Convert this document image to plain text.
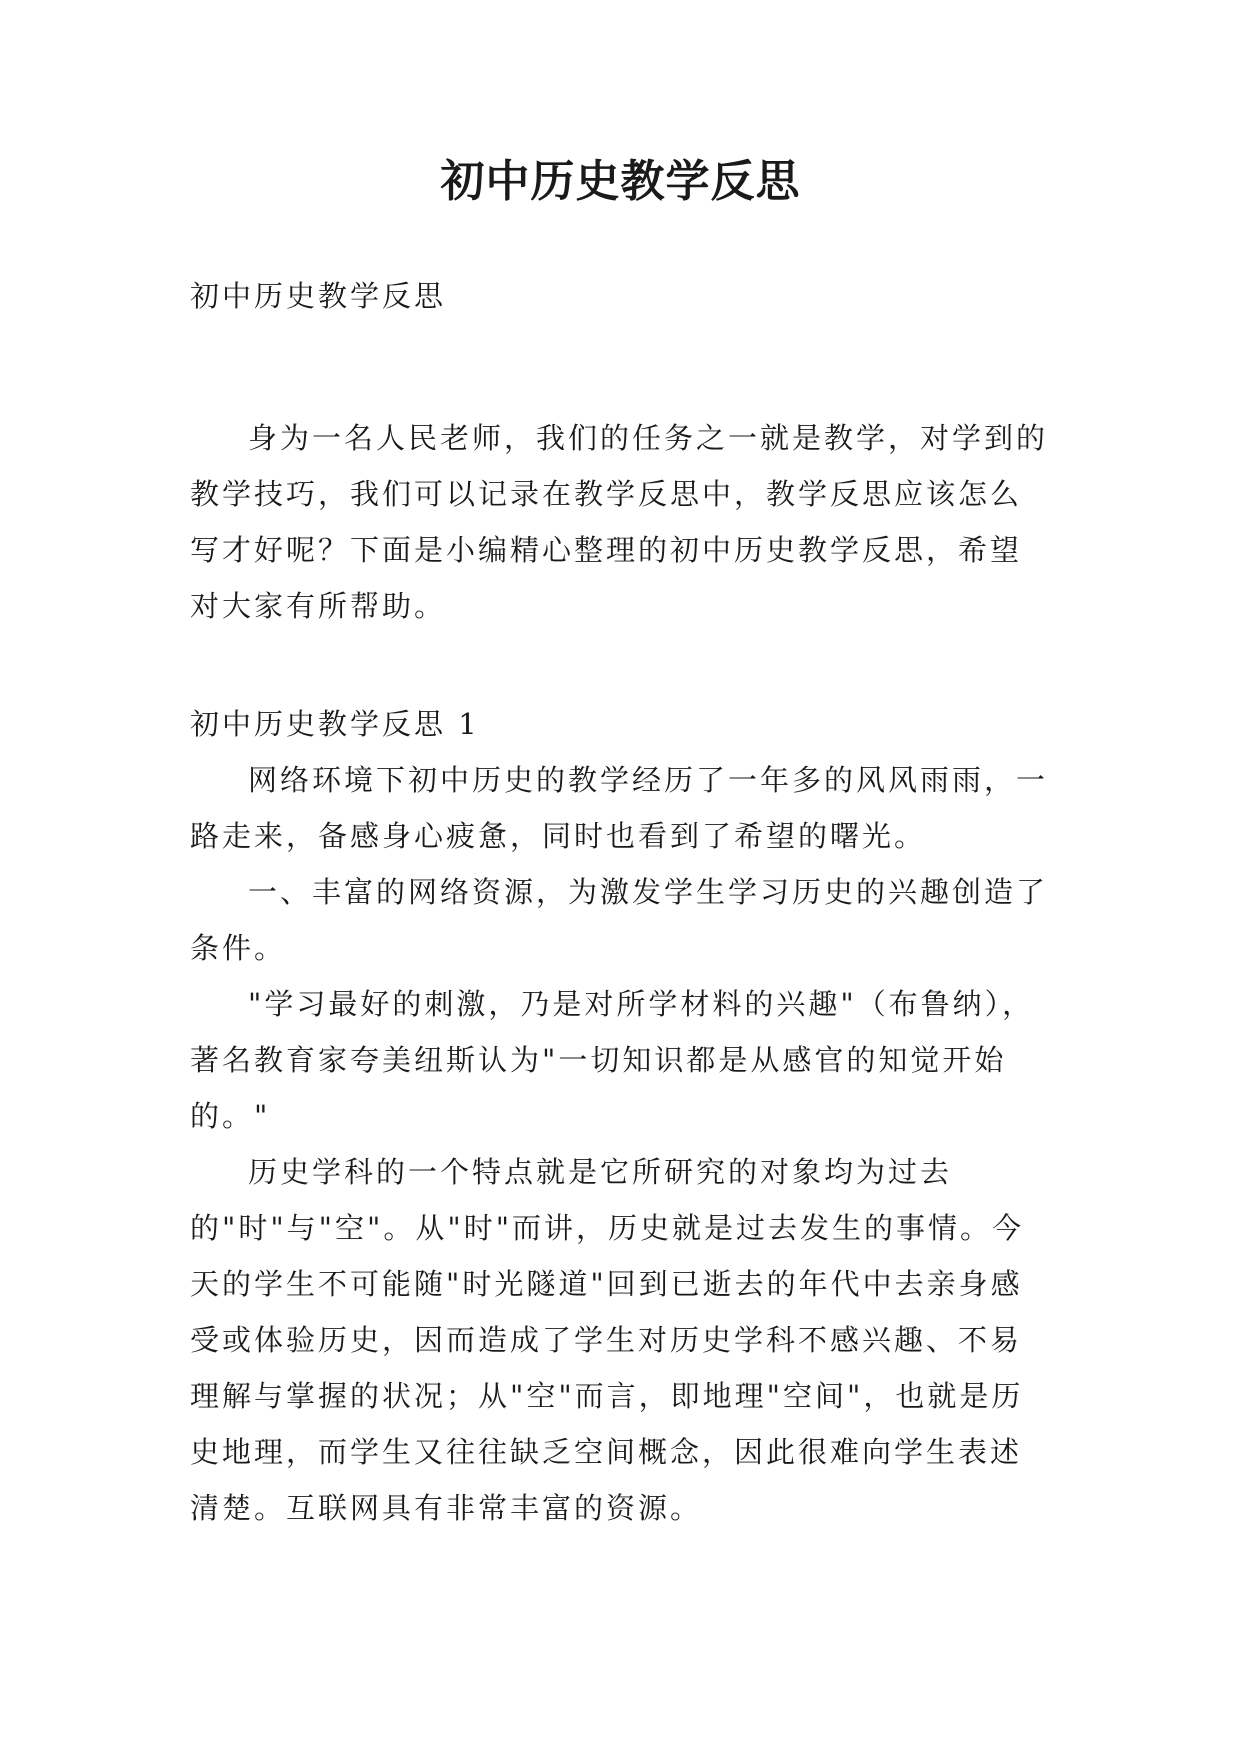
初中历史教学反思

初中历史教学反思

身为一名人民老师，我们的任务之一就是教学，对学到的教学技巧，我们可以记录在教学反思中，教学反思应该怎么写才好呢？下面是小编精心整理的初中历史教学反思，希望对大家有所帮助。

初中历史教学反思 1

网络环境下初中历史的教学经历了一年多的风风雨雨，一路走来，备感身心疲惫，同时也看到了希望的曙光。

一、丰富的网络资源，为激发学生学习历史的兴趣创造了条件。

"学习最好的刺激，乃是对所学材料的兴趣"（布鲁纳），著名教育家夸美纽斯认为"一切知识都是从感官的知觉开始的。"

历史学科的一个特点就是它所研究的对象均为过去的"时"与"空"。从"时"而讲，历史就是过去发生的事情。今天的学生不可能随"时光隧道"回到已逝去的年代中去亲身感受或体验历史，因而造成了学生对历史学科不感兴趣、不易理解与掌握的状况；从"空"而言，即地理"空间"，也就是历史地理，而学生又往往缺乏空间概念，因此很难向学生表述清楚。互联网具有非常丰富的资源。
